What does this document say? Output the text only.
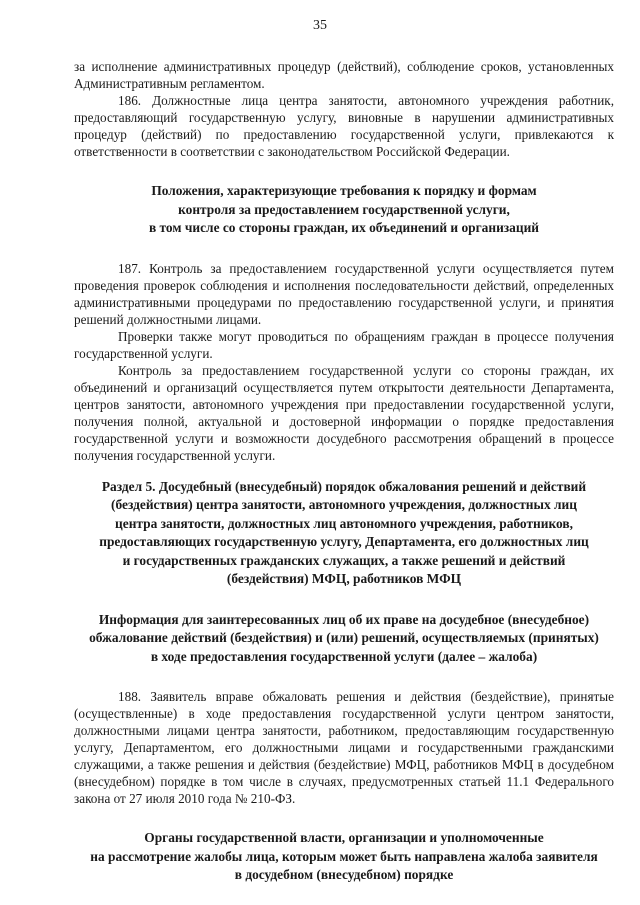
35

за исполнение административных процедур (действий), соблюдение сроков, установленных Административным регламентом.

186. Должностные лица центра занятости, автономного учреждения работник, предоставляющий государственную услугу, виновные в нарушении административных процедур (действий) по предоставлению государственной услуги, привлекаются к ответственности в соответствии с законодательством Российской Федерации.

Положения, характеризующие требования к порядку и формам
контроля за предоставлением государственной услуги,
в том числе со стороны граждан, их объединений и организаций

187. Контроль за предоставлением государственной услуги осуществляется путем проведения проверок соблюдения и исполнения последовательности действий, определенных административными процедурами по предоставлению государственной услуги, и принятия решений должностными лицами.

Проверки также могут проводиться по обращениям граждан в процессе получения государственной услуги.

Контроль за предоставлением государственной услуги со стороны граждан, их объединений и организаций осуществляется путем открытости деятельности Департамента, центров занятости, автономного учреждения при предоставлении государственной услуги, получения полной, актуальной и достоверной информации о порядке предоставления государственной услуги и возможности досудебного рассмотрения обращений в процессе получения государственной услуги.

Раздел 5. Досудебный (внесудебный) порядок обжалования решений и действий
(бездействия) центра занятости, автономного учреждения, должностных лиц
центра занятости, должностных лиц автономного учреждения, работников,
предоставляющих государственную услугу, Департамента, его должностных лиц
и государственных гражданских служащих, а также решений и действий
(бездействия) МФЦ, работников МФЦ
Информация для заинтересованных лиц об их праве на досудебное (внесудебное)
обжалование действий (бездействия) и (или) решений, осуществляемых (принятых)
в ходе предоставления государственной услуги (далее – жалоба)

188. Заявитель вправе обжаловать решения и действия (бездействие), принятые (осуществленные) в ходе предоставления государственной услуги центром занятости, должностными лицами центра занятости, работником, предоставляющим государственную услугу, Департаментом, его должностными лицами и государственными гражданскими служащими, а также решения и действия (бездействие) МФЦ, работников МФЦ в досудебном (внесудебном) порядке в том числе в случаях, предусмотренных статьей 11.1 Федерального закона от 27 июля 2010 года № 210-ФЗ.

Органы государственной власти, организации и уполномоченные
на рассмотрение жалобы лица, которым может быть направлена жалоба заявителя
в досудебном (внесудебном) порядке
